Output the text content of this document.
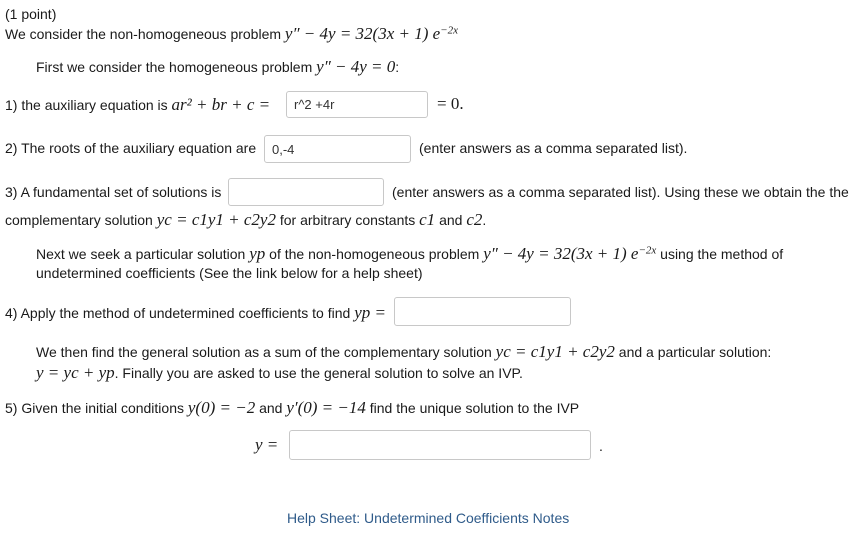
(1 point)
We consider the non-homogeneous problem y″ − 4y = 32(3x + 1) $e^{-2x}$
First we consider the homogeneous problem y″ − 4y = 0:
1) the auxiliary equation is ar² + br + c =
r^2 +4r	= 0.
2) The roots of the auxiliary equation are
0,-4	(enter answers as a comma separated list).
3) A fundamental set of solutions is	(enter answers as a comma separated list). Using these we obtain the the
complementary solution yc = c1y1 + c2y2 for arbitrary constants c1 and c2.
Next we seek a particular solution yp of the non-homogeneous problem y″ − 4y = 32(3x + 1) $e^{-2x}$ using the method of
undetermined coefficients (See the link below for a help sheet)
4) Apply the method of undetermined coefficients to find yp =
We then find the general solution as a sum of the complementary solution yc = c1y1 + c2y2 and a particular solution:
y = yc + yp. Finally you are asked to use the general solution to solve an IVP.
5) Given the initial conditions y(0) = −2 and y′(0) = −14 find the unique solution to the IVP
y =	.
Help Sheet: Undetermined Coefficients Notes
